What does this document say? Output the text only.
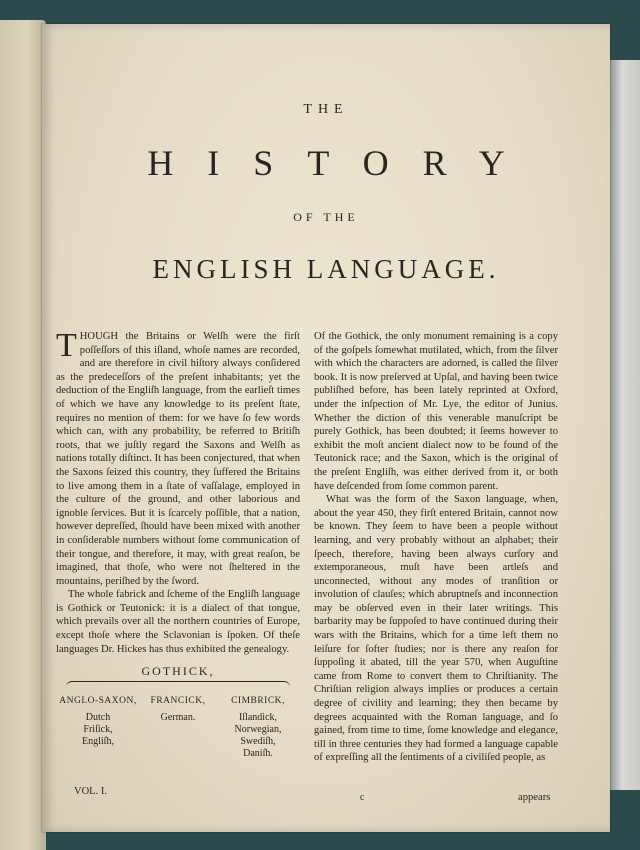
THE
HISTORY
OF THE
ENGLISH LANGUAGE.

THOUGH the Britains or Welſh were the firſt poſſeſſors of this iſland, whoſe names are recorded, and are therefore in civil hiſtory always conſidered as the predeceſſors of the preſent inhabitants; yet the deduction of the Engliſh language, from the earlieſt times of which we have any knowledge to its preſent ſtate, requires no mention of them: for we have ſo few words which can, with any probability, be referred to Britiſh roots, that we juſtly regard the Saxons and Welſh as nations totally diſtinct. It has been conjectured, that when the Saxons ſeized this country, they ſuffered the Britains to live among them in a ſtate of vaſſalage, employed in the culture of the ground, and other laborious and ignoble ſervices. But it is ſcarcely poſſible, that a nation, however depreſſed, ſhould have been mixed with another in conſiderable numbers without ſome communication of their tongue, and therefore, it may, with great reaſon, be imagined, that thoſe, who were not ſheltered in the mountains, periſhed by the ſword.

The whole fabrick and ſcheme of the Engliſh language is Gothick or Teutonick: it is a dialect of that tongue, which prevails over all the northern countries of Europe, except thoſe where the Sclavonian is ſpoken. Of theſe languages Dr. Hickes has thus exhibited the genealogy.

GOTHICK,
ANGLO-SAXON,
Dutch
Friſick,
Engliſh,
FRANCICK,
German.
CIMBRICK,
Iſlandick,
Norwegian,
Swediſh,
Daniſh.

Of the Gothick, the only monument remaining is a copy of the goſpels ſomewhat mutilated, which, from the ſilver with which the characters are adorned, is called the ſilver book. It is now preſerved at Upſal, and having been twice publiſhed before, has been lately reprinted at Oxford, under the inſpection of Mr. Lye, the editor of Junius. Whether the diction of this venerable manuſcript be purely Gothick, has been doubted; it ſeems however to exhibit the moſt ancient dialect now to be found of the Teutonick race; and the Saxon, which is the original of the preſent Engliſh, was either derived from it, or both have deſcended from ſome common parent.

What was the form of the Saxon language, when, about the year 450, they firſt entered Britain, cannot now be known. They ſeem to have been a people without learning, and very probably without an alphabet; their ſpeech, therefore, having been always curſory and extemporaneous, muſt have been artleſs and unconnected, without any modes of tranſition or involution of clauſes; which abruptneſs and inconnection may be obſerved even in their later writings. This barbarity may be ſuppoſed to have continued during their wars with the Britains, which for a time left them no leiſure for ſofter ſtudies; nor is there any reaſon for ſuppoſing it abated, till the year 570, when Auguſtine came from Rome to convert them to Chriſtianity. The Chriſtian religion always implies or produces a certain degree of civility and learning; they then became by degrees acquainted with the Roman language, and ſo gained, from time to time, ſome knowledge and elegance, till in three centuries they had formed a language capable of expreſſing all the ſentiments of a civiliſed people, as

VOL. I.
c	appears
